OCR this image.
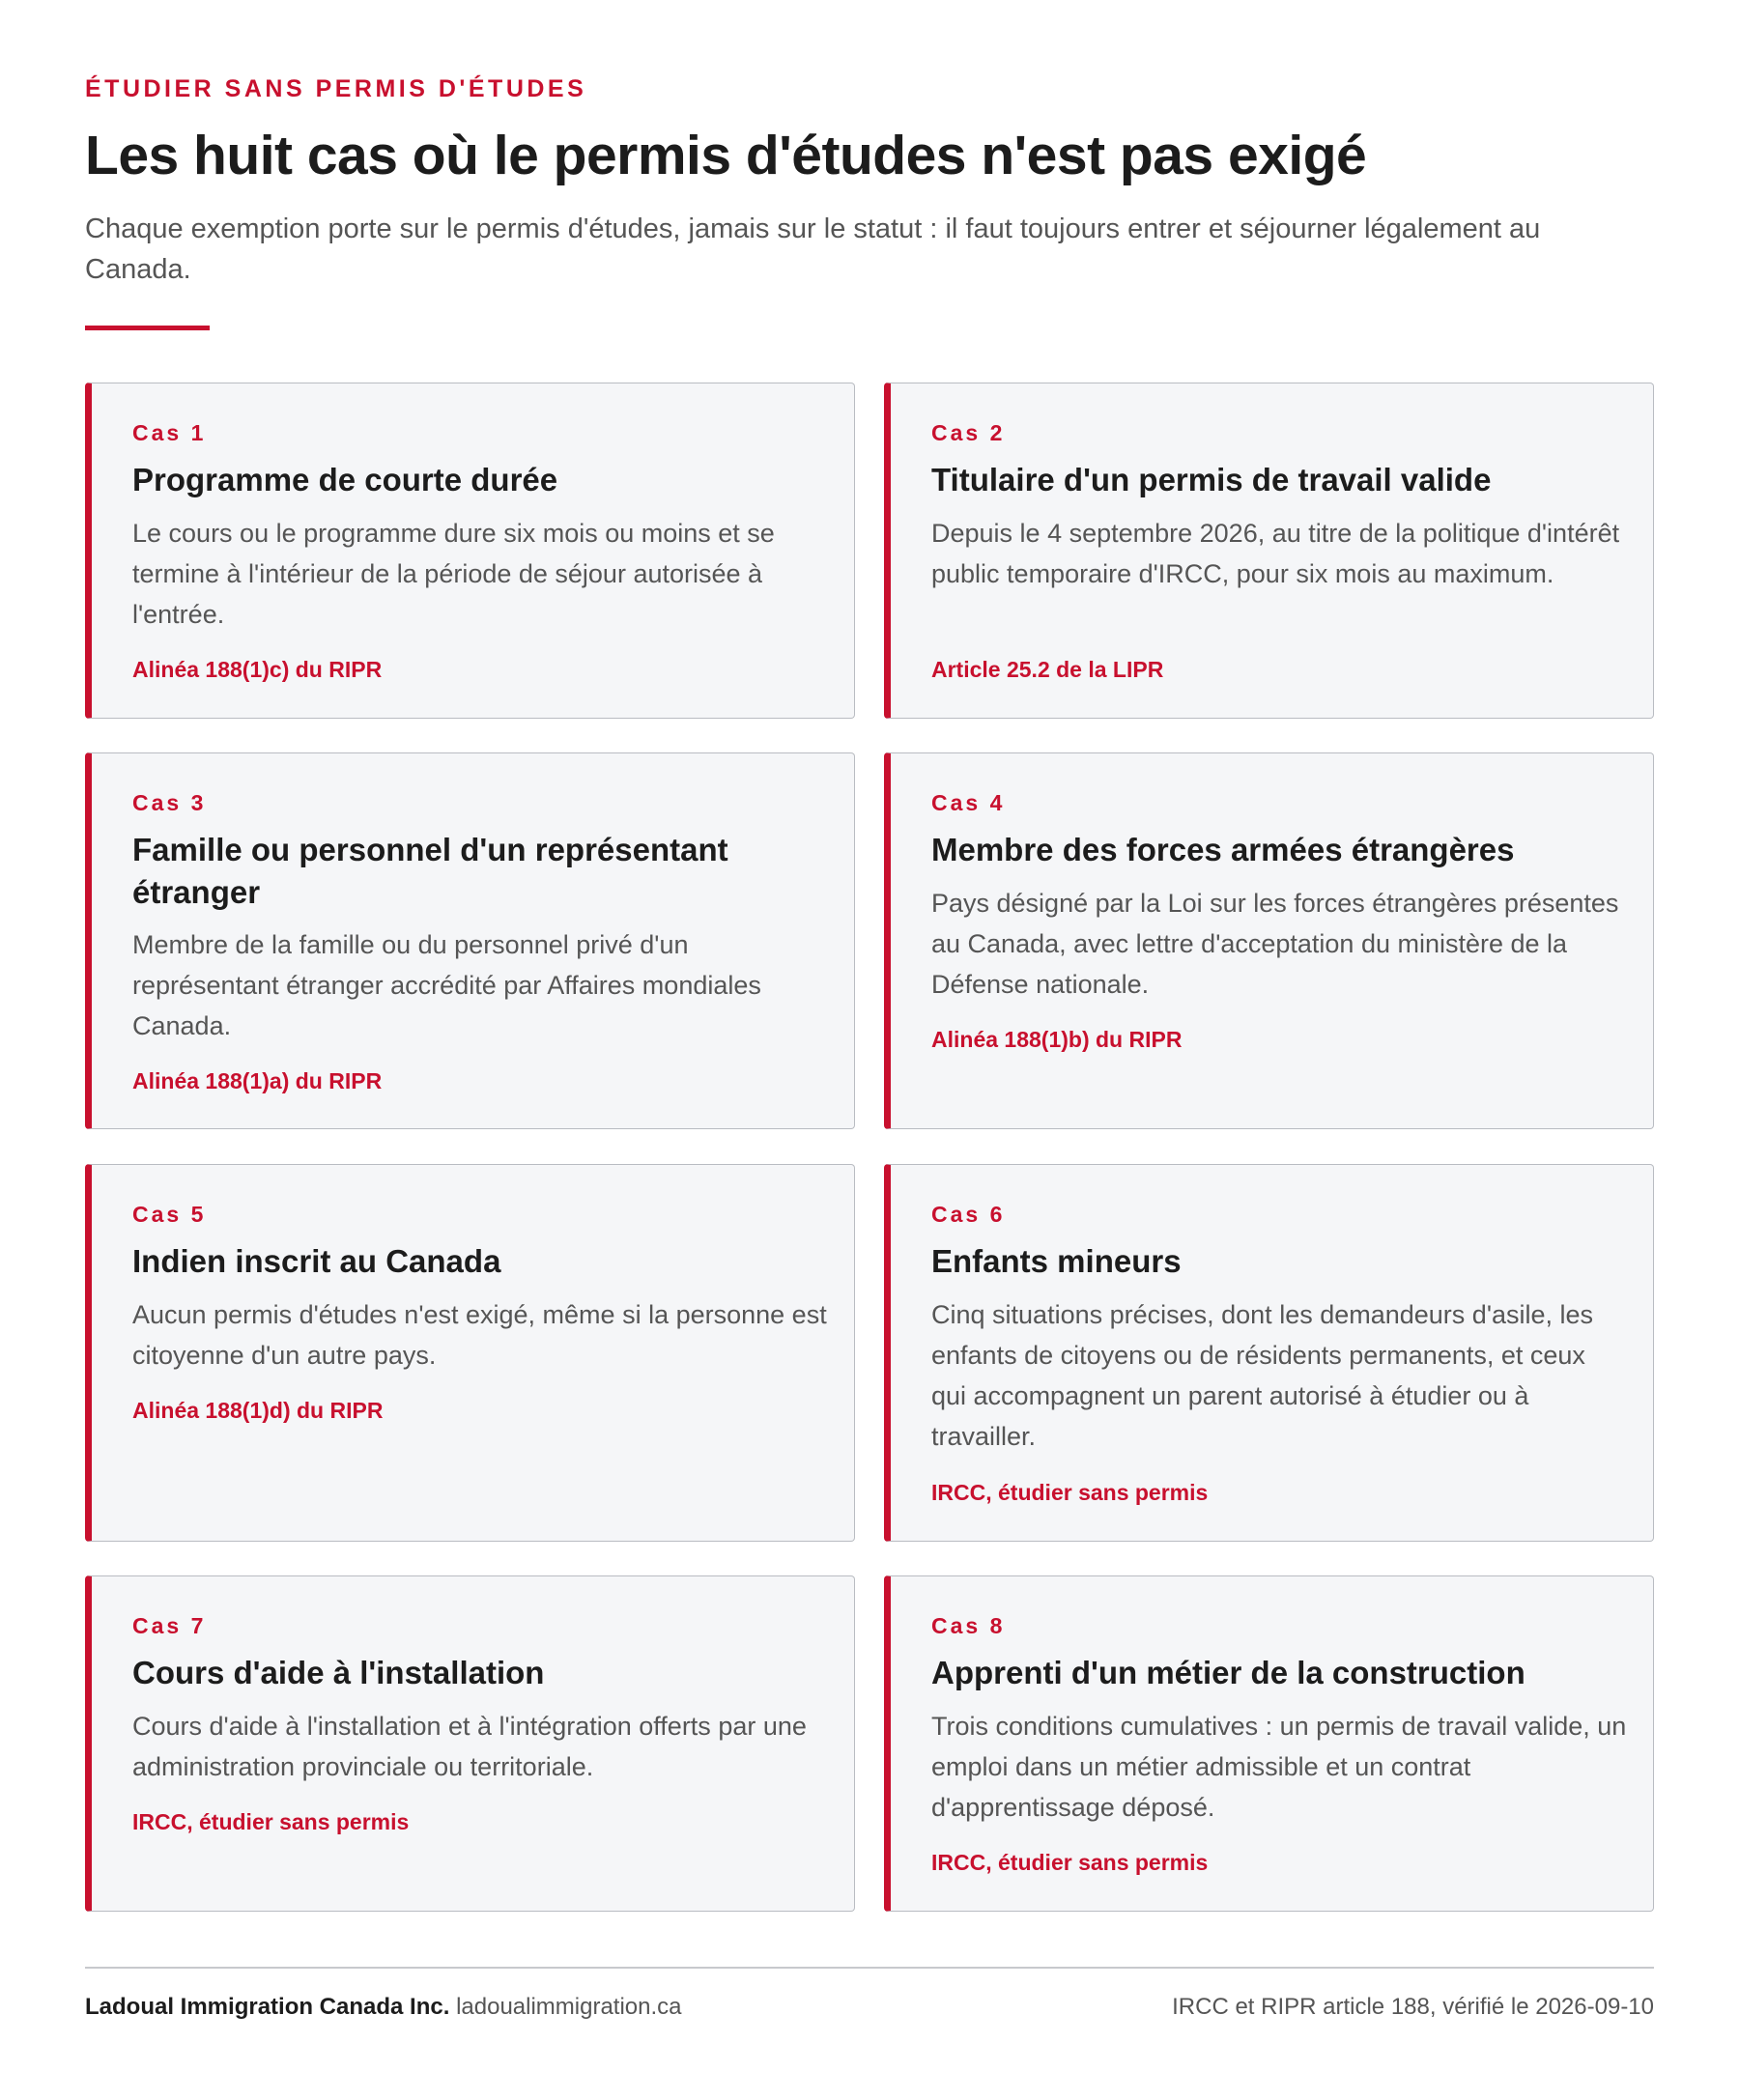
ÉTUDIER SANS PERMIS D'ÉTUDES
Les huit cas où le permis d'études n'est pas exigé

Chaque exemption porte sur le permis d'études, jamais sur le statut : il faut toujours entrer et séjourner légalement au Canada.

Cas 1
Programme de courte durée
Le cours ou le programme dure six mois ou moins et se termine à l'intérieur de la période de séjour autorisée à l'entrée.
Alinéa 188(1)c) du RIPR
Cas 2
Titulaire d'un permis de travail valide
Depuis le 4 septembre 2026, au titre de la politique d'intérêt public temporaire d'IRCC, pour six mois au maximum.
Article 25.2 de la LIPR
Cas 3
Famille ou personnel d'un représentant étranger
Membre de la famille ou du personnel privé d'un représentant étranger accrédité par Affaires mondiales Canada.
Alinéa 188(1)a) du RIPR
Cas 4
Membre des forces armées étrangères
Pays désigné par la Loi sur les forces étrangères présentes au Canada, avec lettre d'acceptation du ministère de la Défense nationale.
Alinéa 188(1)b) du RIPR
Cas 5
Indien inscrit au Canada
Aucun permis d'études n'est exigé, même si la personne est citoyenne d'un autre pays.
Alinéa 188(1)d) du RIPR
Cas 6
Enfants mineurs
Cinq situations précises, dont les demandeurs d'asile, les enfants de citoyens ou de résidents permanents, et ceux qui accompagnent un parent autorisé à étudier ou à travailler.
IRCC, étudier sans permis
Cas 7
Cours d'aide à l'installation
Cours d'aide à l'installation et à l'intégration offerts par une administration provinciale ou territoriale.
IRCC, étudier sans permis
Cas 8
Apprenti d'un métier de la construction
Trois conditions cumulatives : un permis de travail valide, un emploi dans un métier admissible et un contrat d'apprentissage déposé.
IRCC, étudier sans permis
Ladoual Immigration Canada Inc. ladoualimmigration.ca	IRCC et RIPR article 188, vérifié le 2026-09-10
